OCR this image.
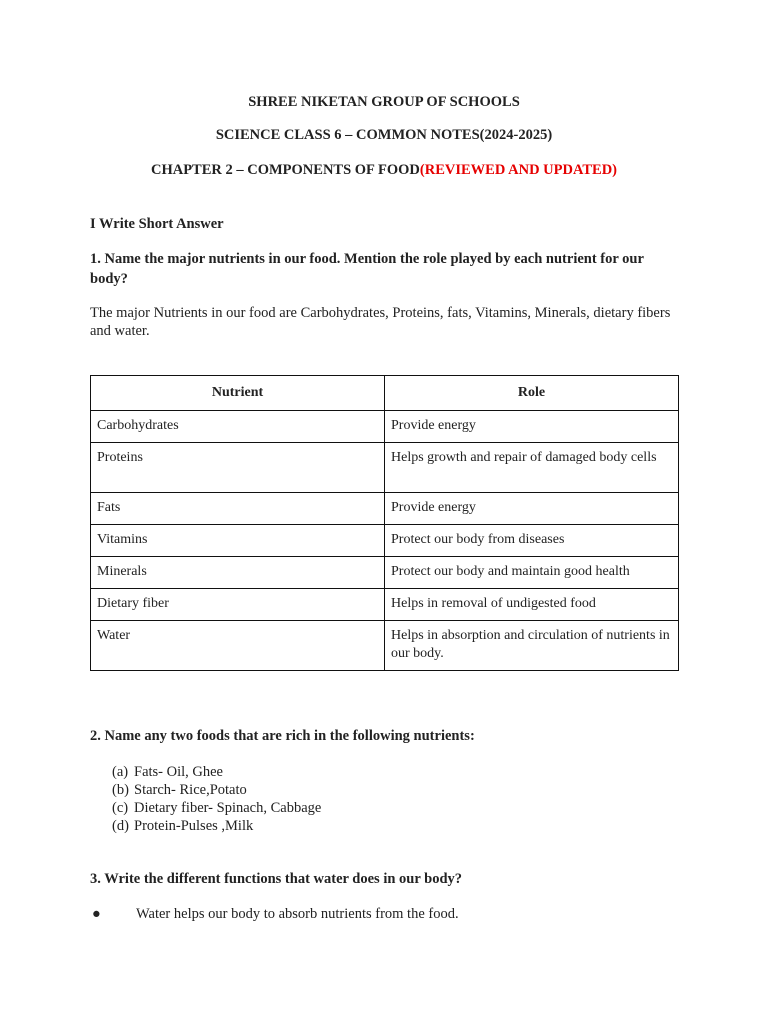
SHREE NIKETAN GROUP OF SCHOOLS
SCIENCE CLASS 6 – COMMON NOTES(2024-2025)
CHAPTER 2 – COMPONENTS OF FOOD(REVIEWED AND UPDATED)
I Write Short Answer
1. Name the major nutrients in our food. Mention the role played by each nutrient for our body?
The major Nutrients in our food are Carbohydrates, Proteins, fats, Vitamins, Minerals, dietary fibers and water.
Nutrient	Role
Carbohydrates	Provide energy
Proteins	Helps growth and repair of damaged body cells
Fats	Provide energy
Vitamins	Protect our body from diseases
Minerals	Protect our body and maintain good health
Dietary fiber	Helps in removal of undigested food
Water	Helps in absorption and circulation of nutrients in our body.
2. Name any two foods that are rich in the following nutrients:
(a) Fats- Oil, Ghee
(b) Starch- Rice,Potato
(c) Dietary fiber- Spinach, Cabbage
(d) Protein-Pulses ,Milk
3. Write the different functions that water does in our body?
●	Water helps our body to absorb nutrients from the food.
